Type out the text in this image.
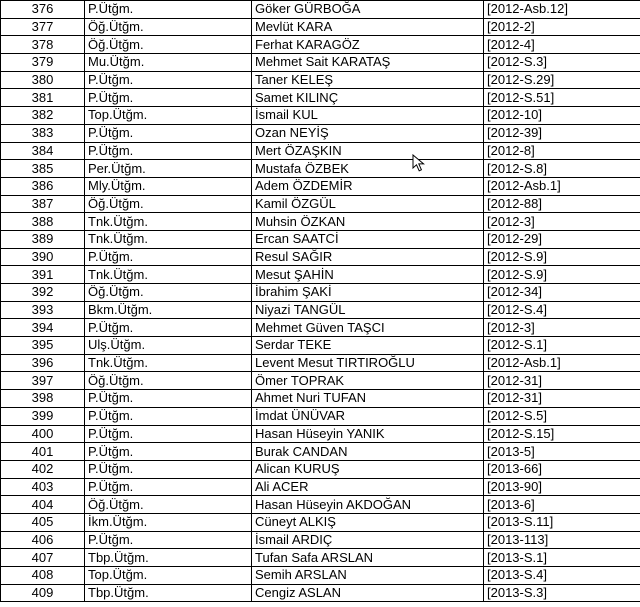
376	P.Ütğm.	Göker GÜRBOĞA	[2012-Asb.12]
377	Öğ.Ütğm.	Mevlüt KARA	[2012-2]
378	Öğ.Ütğm.	Ferhat KARAGÖZ	[2012-4]
379	Mu.Ütğm.	Mehmet Sait KARATAŞ	[2012-S.3]
380	P.Ütğm.	Taner KELEŞ	[2012-S.29]
381	P.Ütğm.	Samet KILINÇ	[2012-S.51]
382	Top.Ütğm.	İsmail KUL	[2012-10]
383	P.Ütğm.	Ozan NEYİŞ	[2012-39]
384	P.Ütğm.	Mert ÖZAŞKIN	[2012-8]
385	Per.Ütğm.	Mustafa ÖZBEK	[2012-S.8]
386	Mly.Ütğm.	Adem ÖZDEMİR	[2012-Asb.1]
387	Öğ.Ütğm.	Kamil ÖZGÜL	[2012-88]
388	Tnk.Ütğm.	Muhsin ÖZKAN	[2012-3]
389	Tnk.Ütğm.	Ercan SAATCİ	[2012-29]
390	P.Ütğm.	Resul SAĞIR	[2012-S.9]
391	Tnk.Ütğm.	Mesut ŞAHİN	[2012-S.9]
392	Öğ.Ütğm.	İbrahim ŞAKİ	[2012-34]
393	Bkm.Ütğm.	Niyazi TANGÜL	[2012-S.4]
394	P.Ütğm.	Mehmet Güven TAŞCI	[2012-3]
395	Ulş.Ütğm.	Serdar TEKE	[2012-S.1]
396	Tnk.Ütğm.	Levent Mesut TIRTIROĞLU	[2012-Asb.1]
397	Öğ.Ütğm.	Ömer TOPRAK	[2012-31]
398	P.Ütğm.	Ahmet Nuri TUFAN	[2012-31]
399	P.Ütğm.	İmdat ÜNÜVAR	[2012-S.5]
400	P.Ütğm.	Hasan Hüseyin YANIK	[2012-S.15]
401	P.Ütğm.	Burak CANDAN	[2013-5]
402	P.Ütğm.	Alican KURUŞ	[2013-66]
403	P.Ütğm.	Ali ACER	[2013-90]
404	Öğ.Ütğm.	Hasan Hüseyin AKDOĞAN	[2013-6]
405	İkm.Ütğm.	Cüneyt ALKIŞ	[2013-S.11]
406	P.Ütğm.	İsmail ARDIÇ	[2013-113]
407	Tbp.Ütğm.	Tufan Safa ARSLAN	[2013-S.1]
408	Top.Ütğm.	Semih ARSLAN	[2013-S.4]
409	Tbp.Ütğm.	Cengiz ASLAN	[2013-S.3]
